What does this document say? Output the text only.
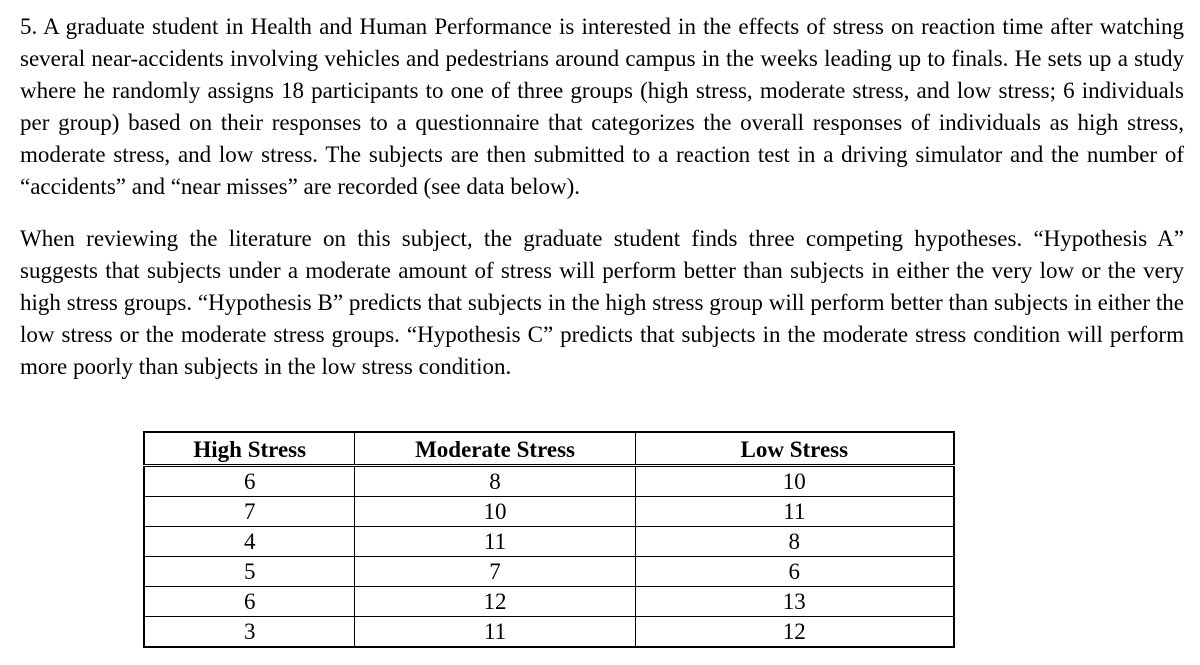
5. A graduate student in Health and Human Performance is interested in the effects of stress on reaction time after watching several near-accidents involving vehicles and pedestrians around campus in the weeks leading up to finals. He sets up a study where he randomly assigns 18 participants to one of three groups (high stress, moderate stress, and low stress; 6 individuals per group) based on their responses to a questionnaire that categorizes the overall responses of individuals as high stress, moderate stress, and low stress. The subjects are then submitted to a reaction test in a driving simulator and the number of “accidents” and “near misses” are recorded (see data below).

When reviewing the literature on this subject, the graduate student finds three competing hypotheses. “Hypothesis A” suggests that subjects under a moderate amount of stress will perform better than subjects in either the very low or the very high stress groups. “Hypothesis B” predicts that subjects in the high stress group will perform better than subjects in either the low stress or the moderate stress groups. “Hypothesis C” predicts that subjects in the moderate stress condition will perform more poorly than subjects in the low stress condition.

High Stress	Moderate Stress	Low Stress
6	8	10
7	10	11
4	11	8
5	7	6
6	12	13
3	11	12
